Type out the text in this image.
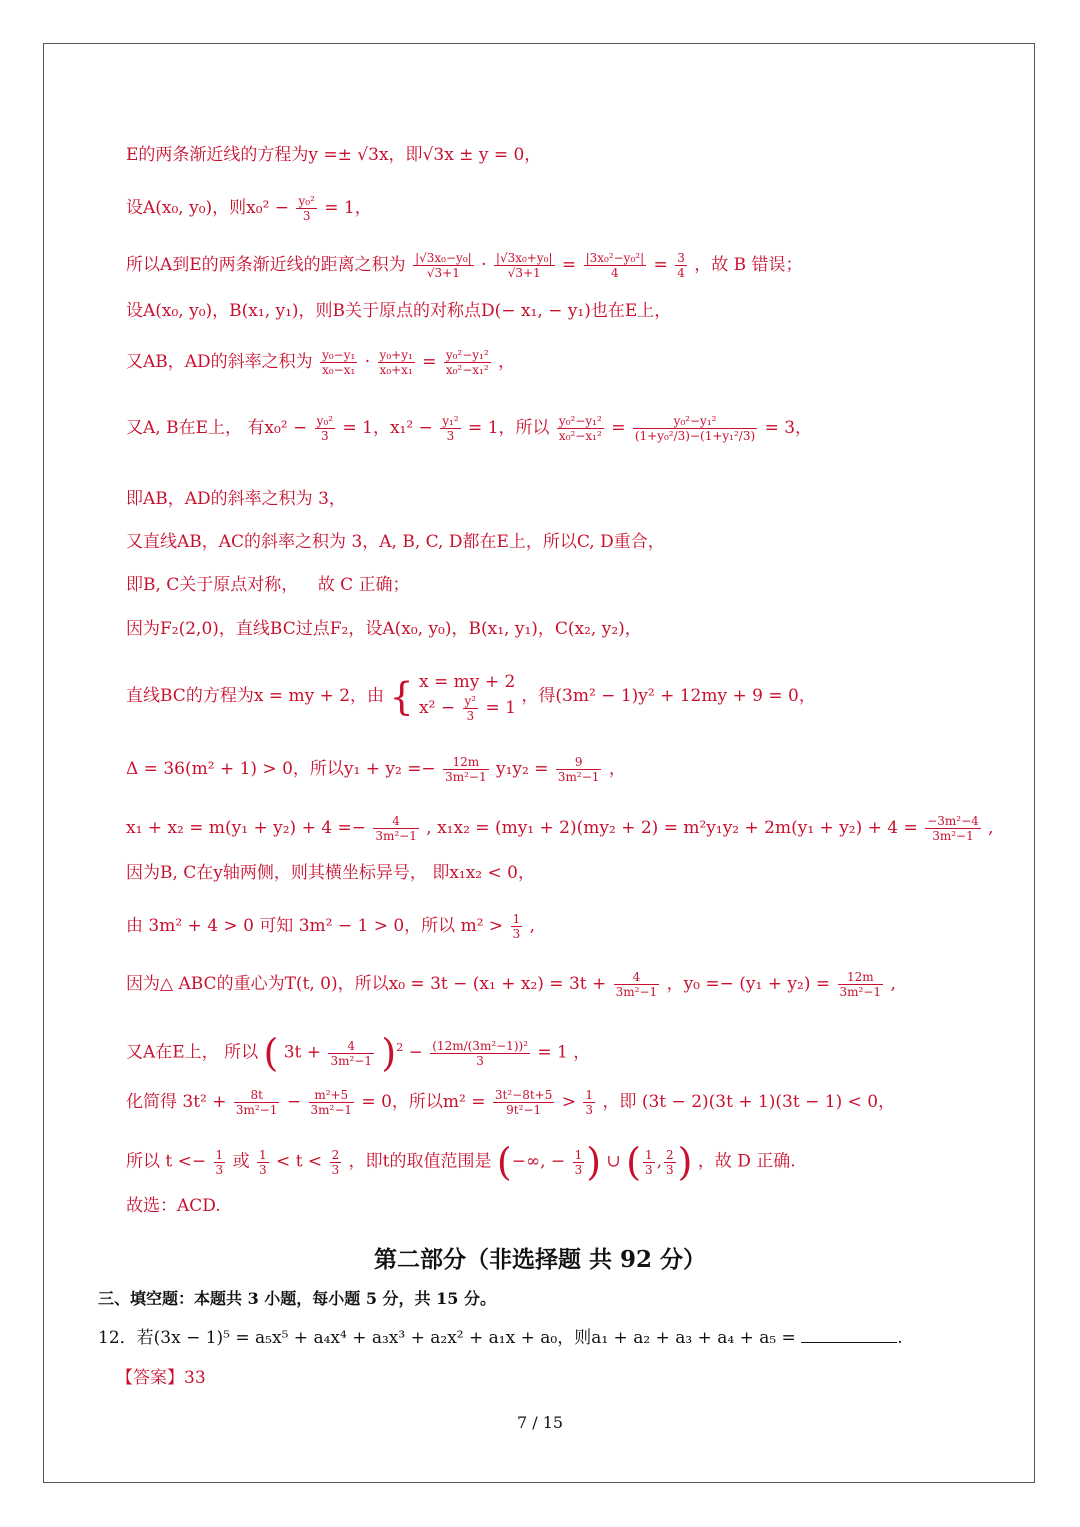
E的两条渐近线的方程为y =± √3x，即√3x ± y = 0，
设A(x₀, y₀)，则$x_0^2 - \frac{\text{y₀²}}{3} = 1$，
所以A到E的两条渐近线的距离之积为 $\frac{\text{|√3x₀−y₀|}}{√3+1} \cdot \frac{\text{|√3x₀+y₀|}}{√3+1} = \frac{\text{|3x₀²−y₀²|}}{4} = \frac{3}{4}$ ，故 B 错误；
设A(x₀, y₀)，B(x₁, y₁)，则B关于原点的对称点D(− x₁, − y₁)也在E上，
又AB，AD的斜率之积为 $\frac{\text{y₀−y₁}}{\text{x₀−x₁}} \cdot \frac{\text{y₀+y₁}}{\text{x₀+x₁}} = \frac{\text{y₀²−y₁²}}{\text{x₀²−x₁²}}$ ，
又A, B在E上， 有$x_0^2 - \frac{\text{y₀²}}{3} = 1$，$x_1^2 - \frac{\text{y₁²}}{3} = 1$，所以 $\frac{\text{y₀²−y₁²}}{\text{x₀²−x₁²}} = \frac{\text{y₀²−y₁²}}{\text{(1+y₀²/3)−(1+y₁²/3)}} = 3$，
即AB，AD的斜率之积为 3，
又直线AB，AC的斜率之积为 3，A, B, C, D都在E上，所以C, D重合，
即B, C关于原点对称， 故 C 正确；
因为F₂(2,0)，直线BC过点F₂，设A(x₀, y₀)，B(x₁, y₁)，C(x₂, y₂)，
直线BC的方程为x = my + 2，由 { x = my + 2
$x^2 - \frac{\text{y²}}{3} = 1$
，得(3m² − 1)y² + 12my + 9 = 0，
Δ = 36(m² + 1) > 0，所以$y_1 + y_2 =- \frac{12m}{\text{3m²−1}} y_1y_2 = \frac{9}{\text{3m²−1}}$ ，
$x_1 + x_2 = m(y_1 + y_2) + 4 =- \frac{4}{\text{3m²−1}}$ , $x_1x_2 = (my_1 + 2)(my_2 + 2) = m^2y_1y_2 + 2m(y_1 + y_2) + 4 = \frac{\text{−3m²−4}}{\text{3m²−1}}$ ,
因为B, C在y轴两侧，则其横坐标异号， 即x₁x₂ < 0，
由 3m² + 4 > 0 可知 3m² − 1 > 0，所以 $m^2 > \frac{1}{3}$ ,
因为△ ABC的重心为T(t, 0)，所以$x_0 = 3t - (x_1 + x_2) = 3t + \frac{4}{\text{3m²−1}}$ ，$y_0 =- (y_1 + y_2) = \frac{12m}{\text{3m²−1}}$ ,
又A在E上， 所以 ( $3t + \frac{4}{\text{3m²−1}} )^2 - \frac{\text{(12m/(3m²−1))²}}{3} = 1$ ，
化简得 $3t^2 + \frac{8t}{\text{3m²−1}} - \frac{\text{m²+5}}{\text{3m²−1}} = 0$，所以$m^2 = \frac{\text{3t²−8t+5}}{\text{9t²−1}} > \frac{1}{3}$ ，即 (3t − 2)(3t + 1)(3t − 1) < 0，
所以 $t <- \frac{1}{3}$ 或 $\frac{1}{3} < t < \frac{2}{3}$ ，即t的取值范围是 (−∞, − $\frac{1}{3}$ ) ∪ ( $\frac{1}{3}$ , $\frac{2}{3}$ ) ，故 D 正确.
故选：ACD.
第二部分（非选择题 共 92 分）
三、填空题：本题共 3 小题，每小题 5 分，共 15 分。
12．若(3x − 1)⁵ = a₅x⁵ + a₄x⁴ + a₃x³ + a₂x² + a₁x + a₀，则a₁ + a₂ + a₃ + a₄ + a₅ =	.
【答案】33
7 / 15
